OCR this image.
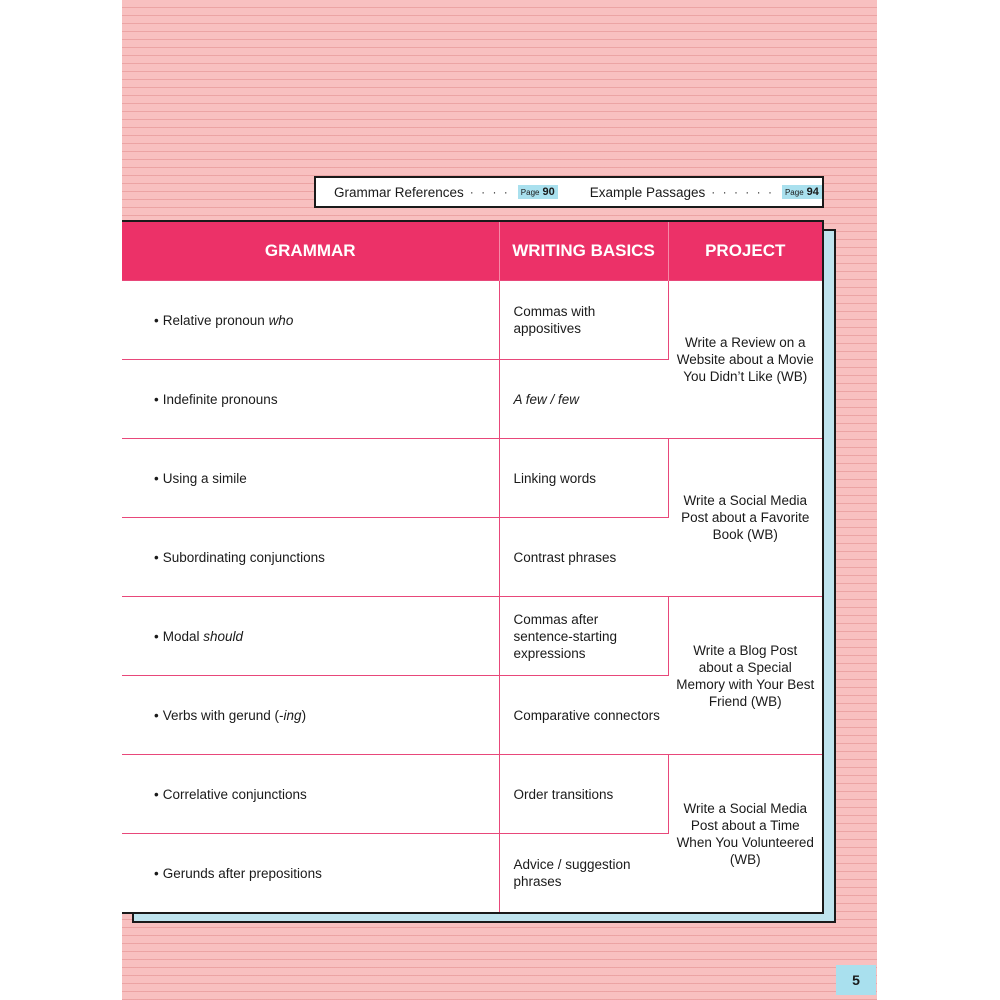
Grammar References · · · · Page 90	Example Passages · · · · · · Page 94
GRAMMAR	WRITING BASICS	PROJECT
• Relative pronoun who	Commas with appositives	Write a Review on a Website about a Movie You Didn’t Like (WB)
• Indefinite pronouns	A few / few	
• Using a simile	Linking words	Write a Social Media Post about a Favorite Book (WB)
• Subordinating conjunctions	Contrast phrases	
• Modal should	Commas after sentence-starting expressions	Write a Blog Post about a Special Memory with Your Best Friend (WB)
• Verbs with gerund (-ing)	Comparative connectors	
• Correlative conjunctions	Order transitions	Write a Social Media Post about a Time When You Volunteered (WB)
• Gerunds after prepositions	Advice / suggestion phrases	
5
